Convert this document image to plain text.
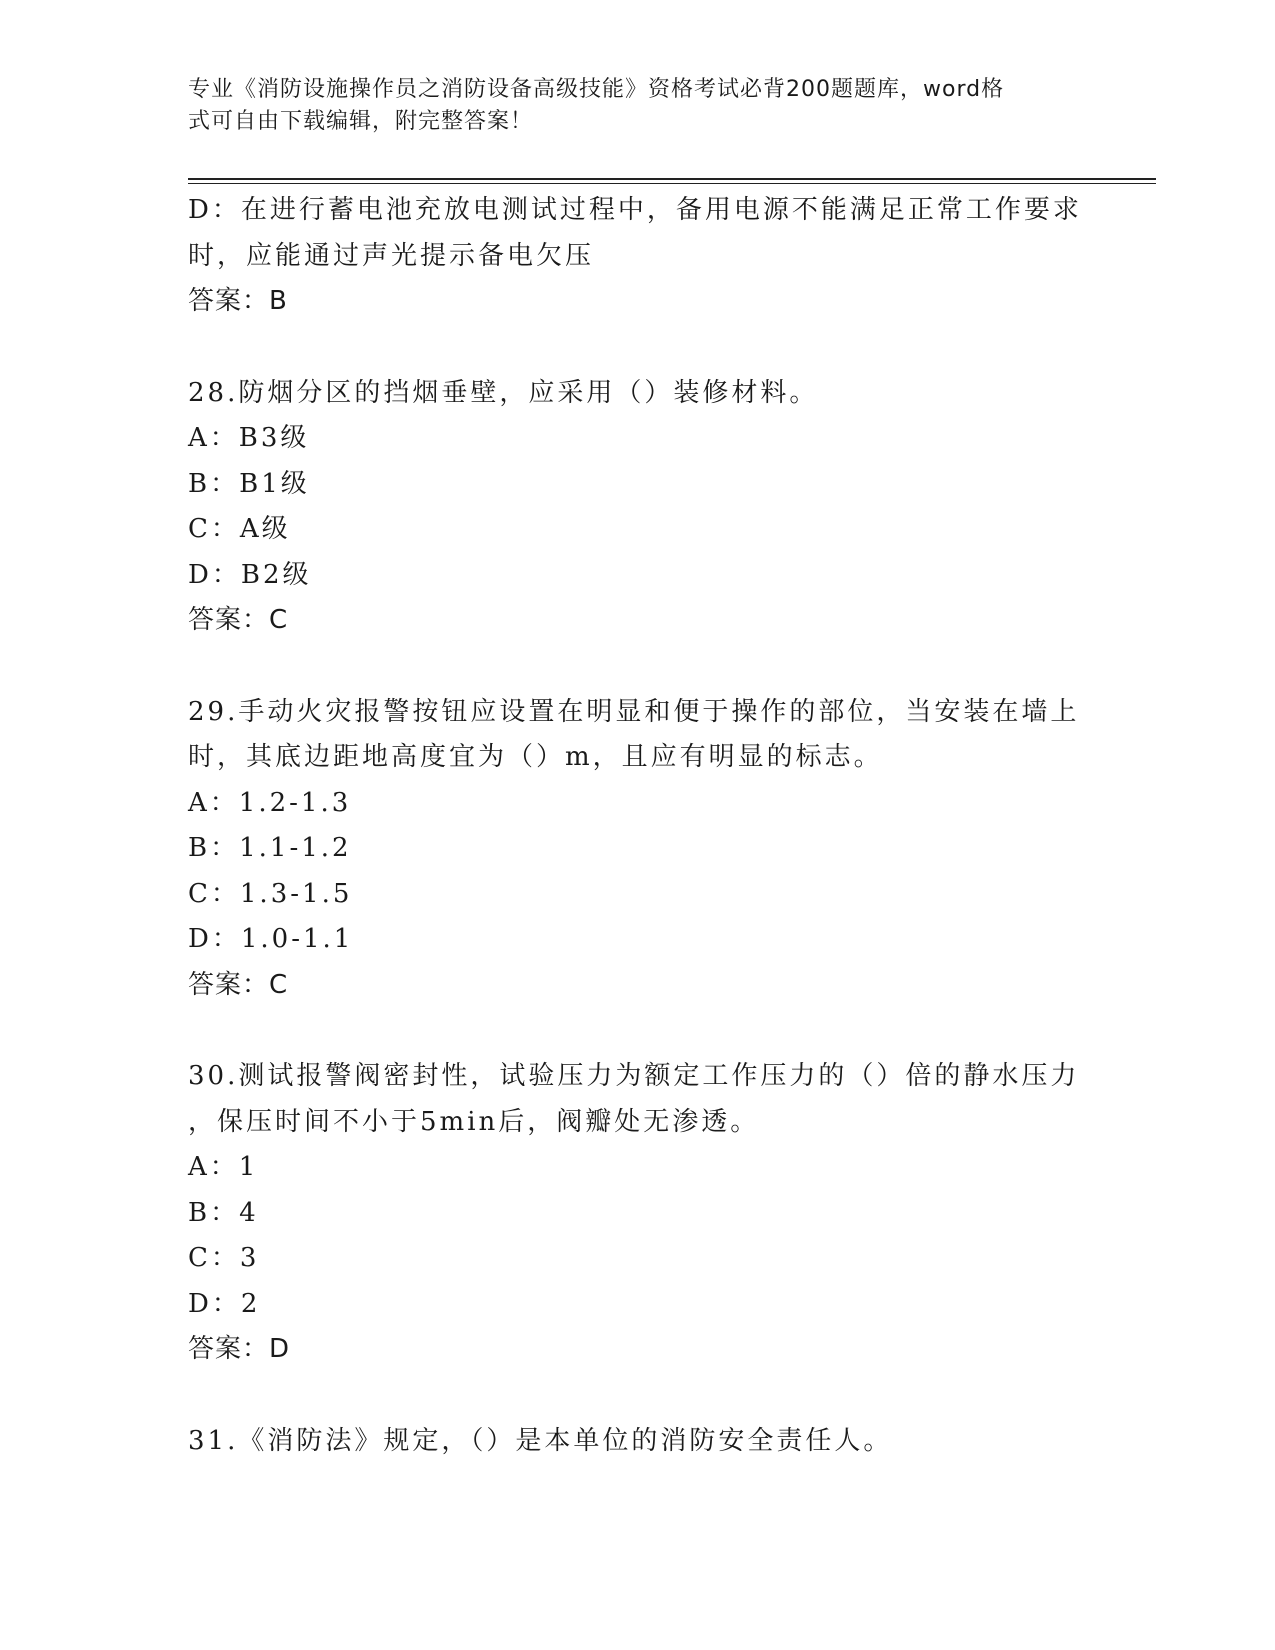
专业《消防设施操作员之消防设备高级技能》资格考试必背200题题库，word格
式可自由下载编辑，附完整答案！
D：在进行蓄电池充放电测试过程中，备用电源不能满足正常工作要求
时，应能通过声光提示备电欠压
答案：B
28.防烟分区的挡烟垂壁，应采用（）装修材料。
A：B3级
B：B1级
C：A级
D：B2级
答案：C
29.手动火灾报警按钮应设置在明显和便于操作的部位，当安装在墙上
时，其底边距地高度宜为（）m，且应有明显的标志。
A：1.2-1.3
B：1.1-1.2
C：1.3-1.5
D：1.0-1.1
答案：C
30.测试报警阀密封性，试验压力为额定工作压力的（）倍的静水压力
，保压时间不小于5min后，阀瓣处无渗透。
A：1
B：4
C：3
D：2
答案：D
31.《消防法》规定，（）是本单位的消防安全责任人。
